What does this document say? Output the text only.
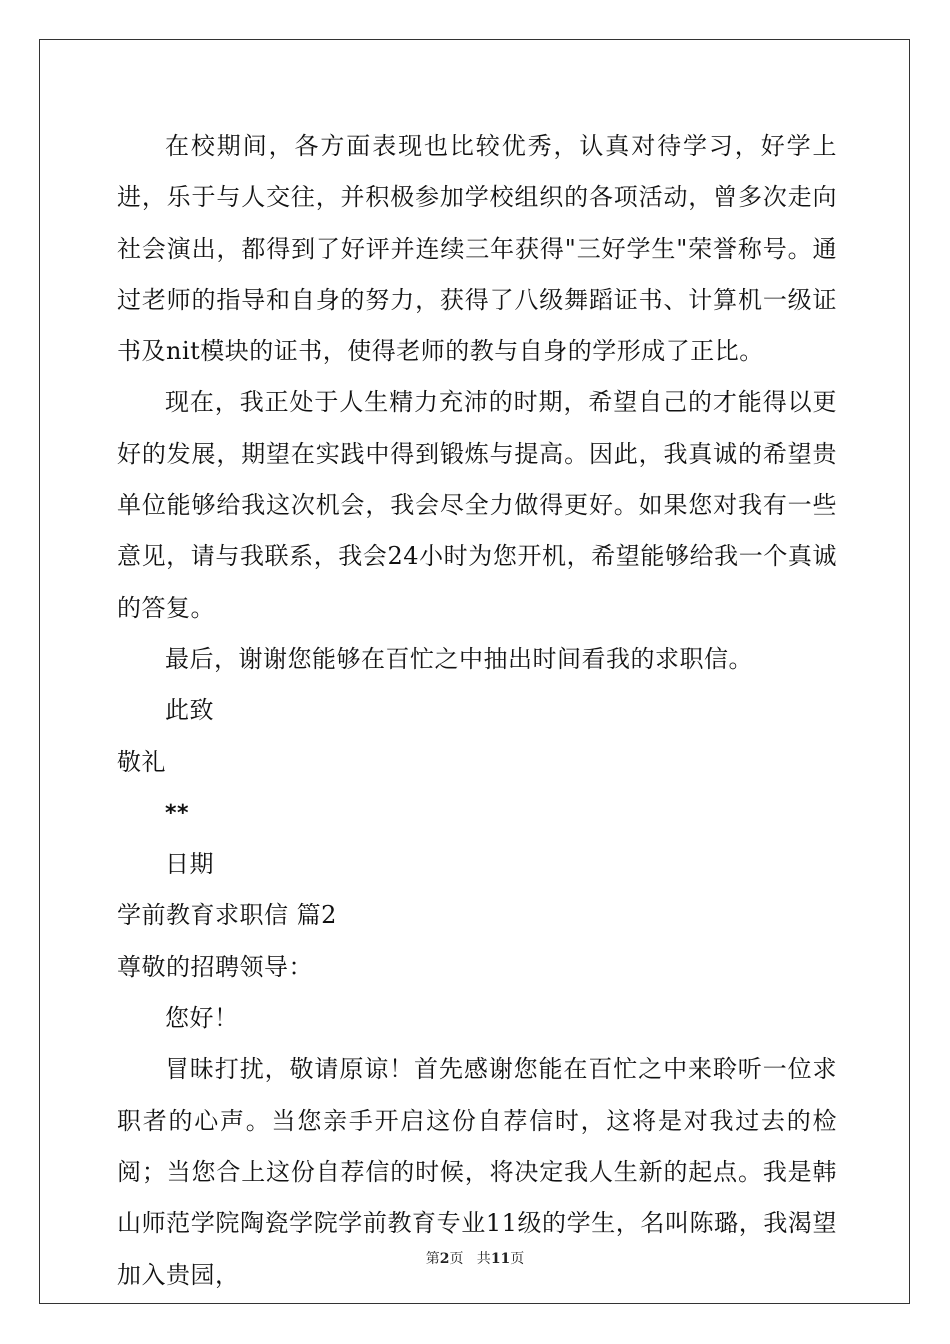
在校期间，各方面表现也比较优秀，认真对待学习，好学上进，乐于与人交往，并积极参加学校组织的各项活动，曾多次走向社会演出，都得到了好评并连续三年获得"三好学生"荣誉称号。通过老师的指导和自身的努力，获得了八级舞蹈证书、计算机一级证书及nit模块的证书，使得老师的教与自身的学形成了正比。

现在，我正处于人生精力充沛的时期，希望自己的才能得以更好的发展，期望在实践中得到锻炼与提高。因此，我真诚的希望贵单位能够给我这次机会，我会尽全力做得更好。如果您对我有一些意见，请与我联系，我会24小时为您开机，希望能够给我一个真诚的答复。

最后，谢谢您能够在百忙之中抽出时间看我的求职信。

此致

敬礼

**

日期

学前教育求职信 篇2

尊敬的招聘领导：

您好！

冒昧打扰，敬请原谅！首先感谢您能在百忙之中来聆听一位求职者的心声。当您亲手开启这份自荐信时，这将是对我过去的检阅；当您合上这份自荐信的时候，将决定我人生新的起点。我是韩山师范学院陶瓷学院学前教育专业11级的学生，名叫陈璐，我渴望加入贵园，

第2页   共11页
